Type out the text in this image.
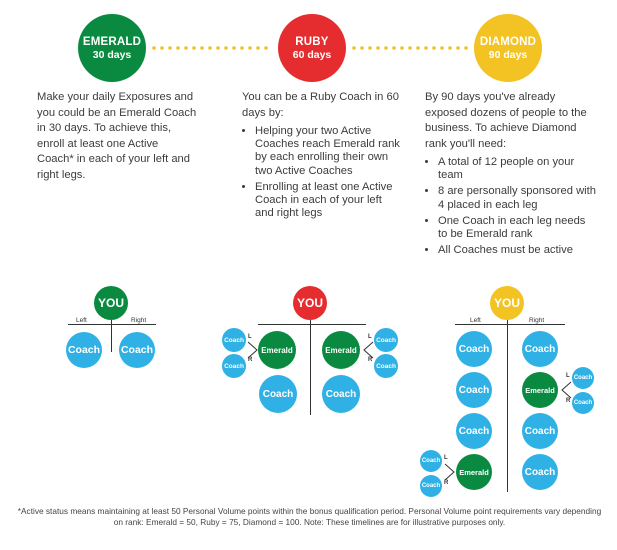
EMERALD
30 days
RUBY
60 days
DIAMOND
90 days
Make your daily Exposures and you could be an Emerald Coach in 30 days. To achieve this, enroll at least one Active Coach* in each of your left and right legs.
You can be a Ruby Coach in 60 days by:
• Helping your two Active Coaches reach Emerald rank by each enrolling their own two Active Coaches
• Enrolling at least one Active Coach in each of your left and right legs
By 90 days you've already exposed dozens of people to the business. To achieve Diamond rank you'll need:
• A total of 12 people on your team
• 8 are personally sponsored with 4 placed in each leg
• One Coach in each leg needs to be Emerald rank
• All Coaches must be active
YOU
Left	Right
Coach Coach
YOU
Coach
Coach
L
R
Emerald
Coach
Emerald
L
R
Coach
Coach
Coach
YOU
Left	Right
Coach
Coach
Coach
Emerald
Coach
Coach
L
R
Coach
Emerald
L
R
Coach
Coach
Coach
Coach
*Active status means maintaining at least 50 Personal Volume points within the bonus qualification period. Personal Volume point requirements vary depending on rank: Emerald = 50, Ruby = 75, Diamond = 100. Note: These timelines are for illustrative purposes only.
